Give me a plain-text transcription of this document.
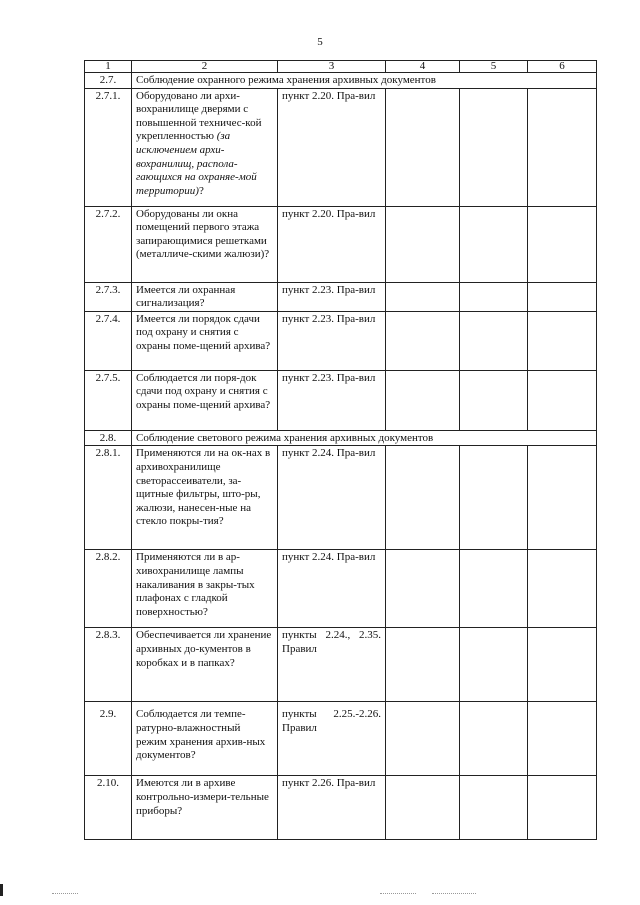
5
1	2	3	4	5	6
2.7.	Соблюдение охранного режима хранения архивных документов				
2.7.1.	Оборудовано ли архи-вохранилище дверями с повышенной техничес-кой укрепленностью (за исключением архи-вохранилищ, распола-гающихся на охраняе-мой территории)?	пункт 2.20. Пра-вил			
2.7.2.	Оборудованы ли окна помещений первого этажа запирающимися решетками (металличе-скими жалюзи)?	пункт 2.20. Пра-вил			
2.7.3.	Имеется ли охранная сигнализация?	пункт 2.23. Пра-вил			
2.7.4.	Имеется ли порядок сдачи под охрану и снятия с охраны поме-щений архива?	пункт 2.23. Пра-вил			
2.7.5.	Соблюдается ли поря-док сдачи под охрану и снятия с охраны поме-щений архива?	пункт 2.23. Пра-вил			
2.8.	Соблюдение светового режима хранения архивных документов				
2.8.1.	Применяются ли на ок-нах в архивохранилище светорассеиватели, за-щитные фильтры, што-ры, жалюзи, нанесен-ные на стекло покры-тия?	пункт 2.24. Пра-вил			
2.8.2.	Применяются ли в ар-хивохранилище лампы накаливания в закры-тых плафонах с гладкой поверхностью?	пункт 2.24. Пра-вил			
2.8.3.	Обеспечивается ли хранение архивных до-кументов в коробках и в папках?	пункты 2.24., 2.35. Правил			
2.9.	Соблюдается ли темпе-ратурно-влажностный режим хранения архив-ных документов?	пункты 2.25.-2.26. Правил			
2.10.	Имеются ли в архиве контрольно-измери-тельные приборы?	пункт 2.26. Пра-вил			
